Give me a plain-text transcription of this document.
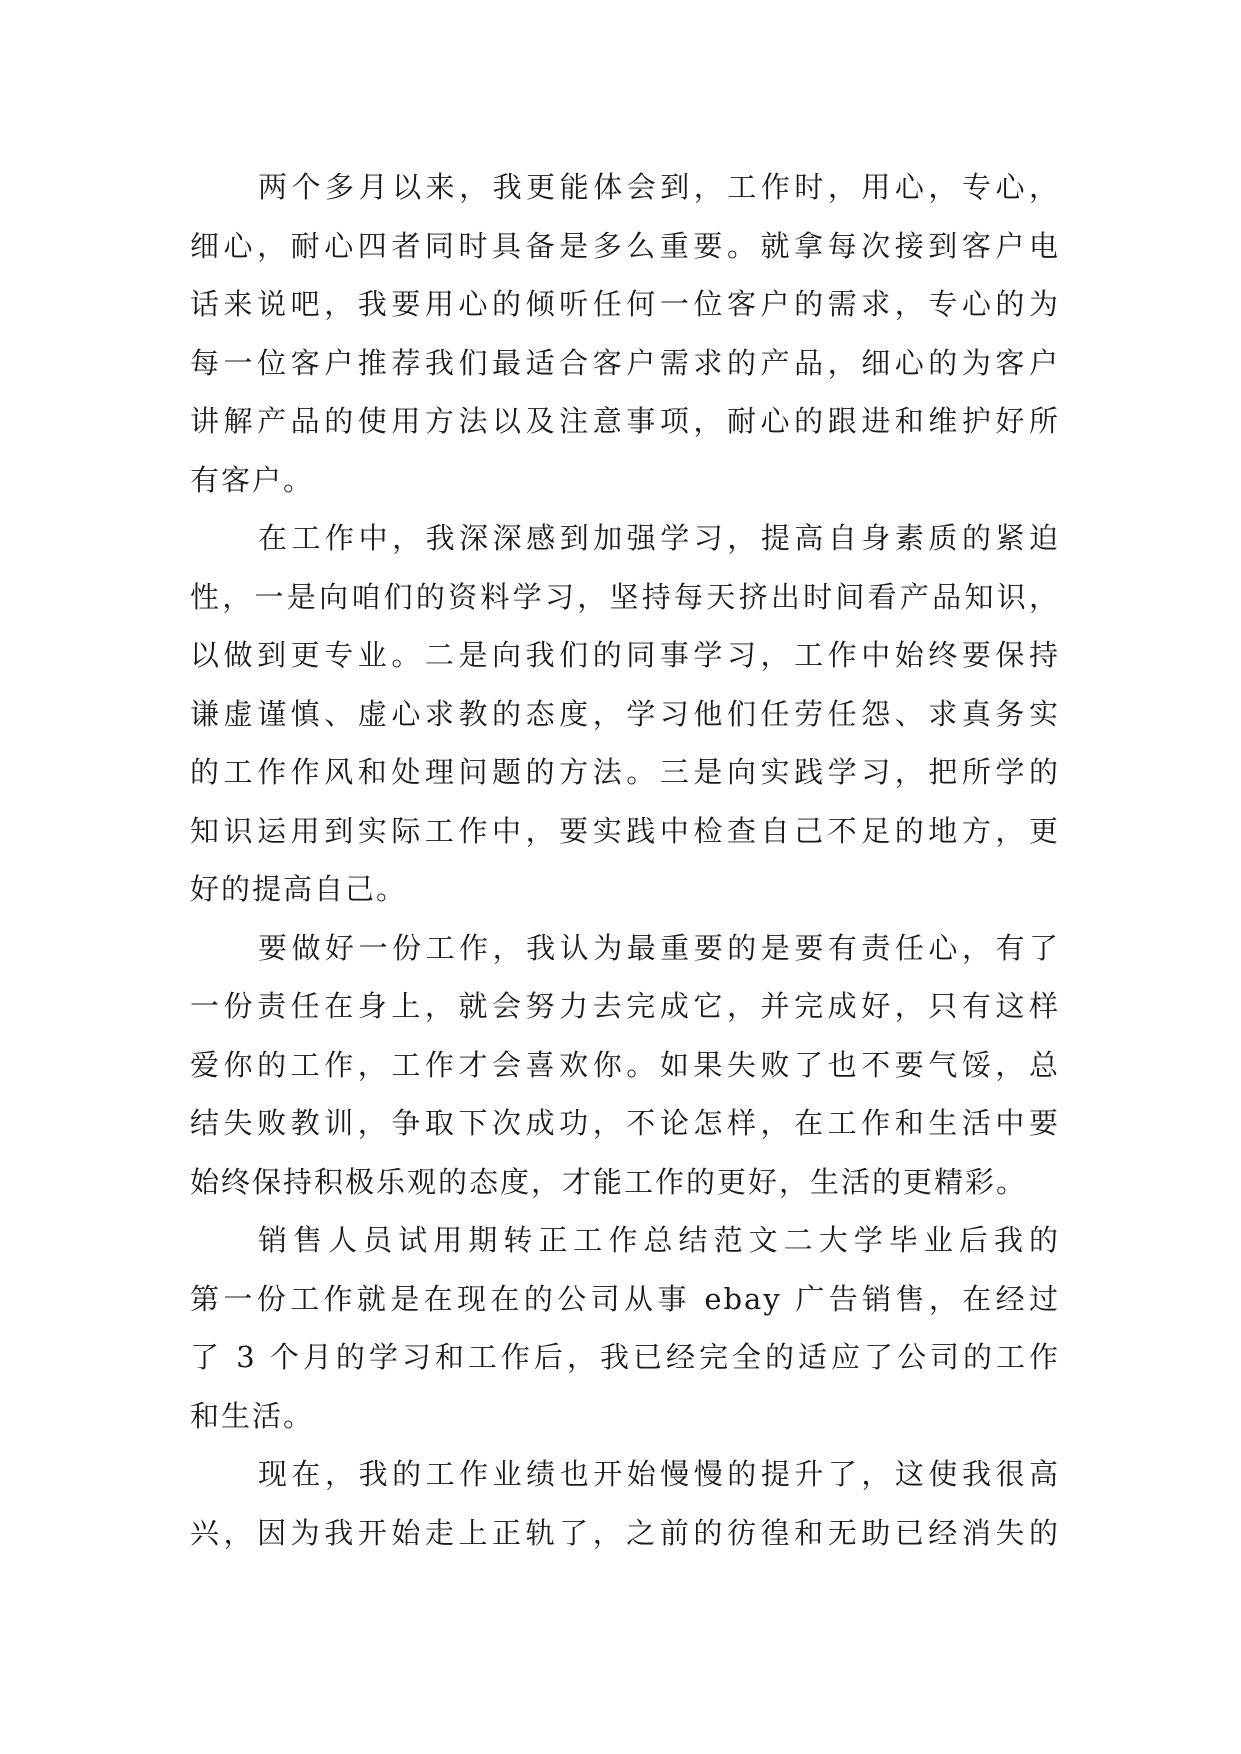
两个多月以来，我更能体会到，工作时，用心，专心，
细心，耐心四者同时具备是多么重要。就拿每次接到客户电
话来说吧，我要用心的倾听任何一位客户的需求，专心的为
每一位客户推荐我们最适合客户需求的产品，细心的为客户
讲解产品的使用方法以及注意事项，耐心的跟进和维护好所
有客户。

在工作中，我深深感到加强学习，提高自身素质的紧迫
性，一是向咱们的资料学习，坚持每天挤出时间看产品知识，
以做到更专业。二是向我们的同事学习，工作中始终要保持
谦虚谨慎、虚心求教的态度，学习他们任劳任怨、求真务实
的工作作风和处理问题的方法。三是向实践学习，把所学的
知识运用到实际工作中，要实践中检查自己不足的地方，更
好的提高自己。

要做好一份工作，我认为最重要的是要有责任心，有了
一份责任在身上，就会努力去完成它，并完成好，只有这样
爱你的工作，工作才会喜欢你。如果失败了也不要气馁，总
结失败教训，争取下次成功，不论怎样，在工作和生活中要
始终保持积极乐观的态度，才能工作的更好，生活的更精彩。

销售人员试用期转正工作总结范文二大学毕业后我的
第一份工作就是在现在的公司从事 ebay 广告销售，在经过
了 3 个月的学习和工作后，我已经完全的适应了公司的工作
和生活。

现在，我的工作业绩也开始慢慢的提升了，这使我很高
兴，因为我开始走上正轨了，之前的彷徨和无助已经消失的
